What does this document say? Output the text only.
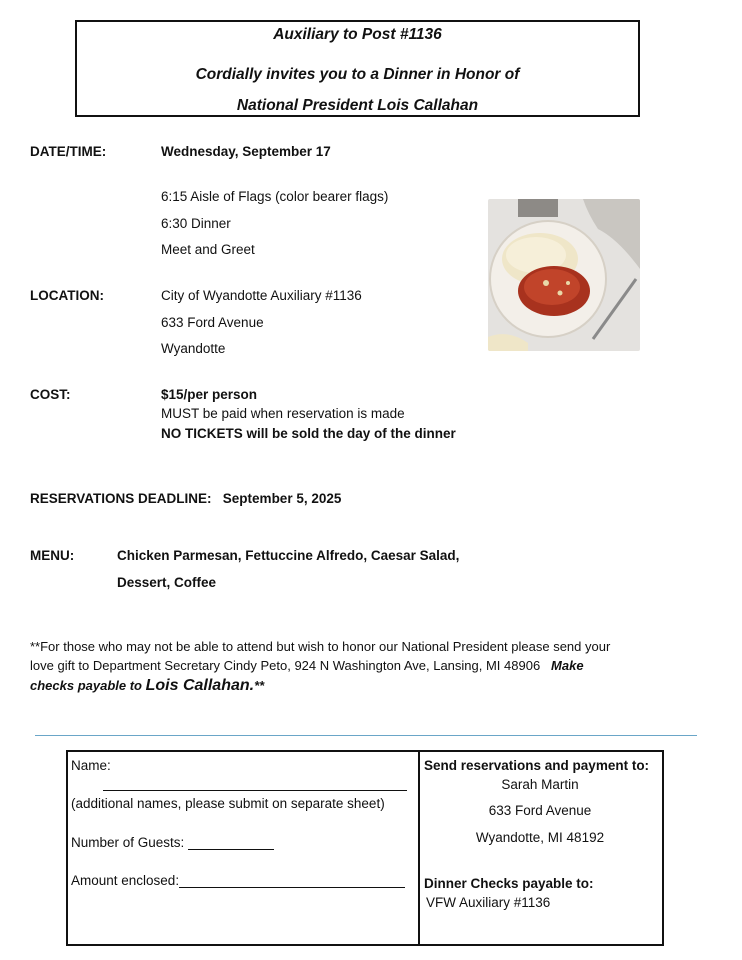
Auxiliary to Post #1136
Cordially invites you to a Dinner in Honor of
National President Lois Callahan
DATE/TIME:	Wednesday, September 17
6:15 Aisle of Flags (color bearer flags)
6:30 Dinner
Meet and Greet
LOCATION:	City of Wyandotte Auxiliary #1136
633 Ford Avenue
Wyandotte
COST:	$15/per person
MUST be paid when reservation is made
NO TICKETS will be sold the day of the dinner
RESERVATIONS DEADLINE: September 5, 2025
MENU:	Chicken Parmesan, Fettuccine Alfredo, Caesar Salad,
Dessert, Coffee
**For those who may not be able to attend but wish to honor our National President please send your
love gift to Department Secretary Cindy Peto, 924 N Washington Ave, Lansing, MI 48906 Make
checks payable to Lois Callahan.**
Name:
(additional names, please submit on separate sheet)
Number of Guests:
Amount enclosed:
Send reservations and payment to:
Sarah Martin
633 Ford Avenue
Wyandotte, MI 48192
Dinner Checks payable to:
VFW Auxiliary #1136
